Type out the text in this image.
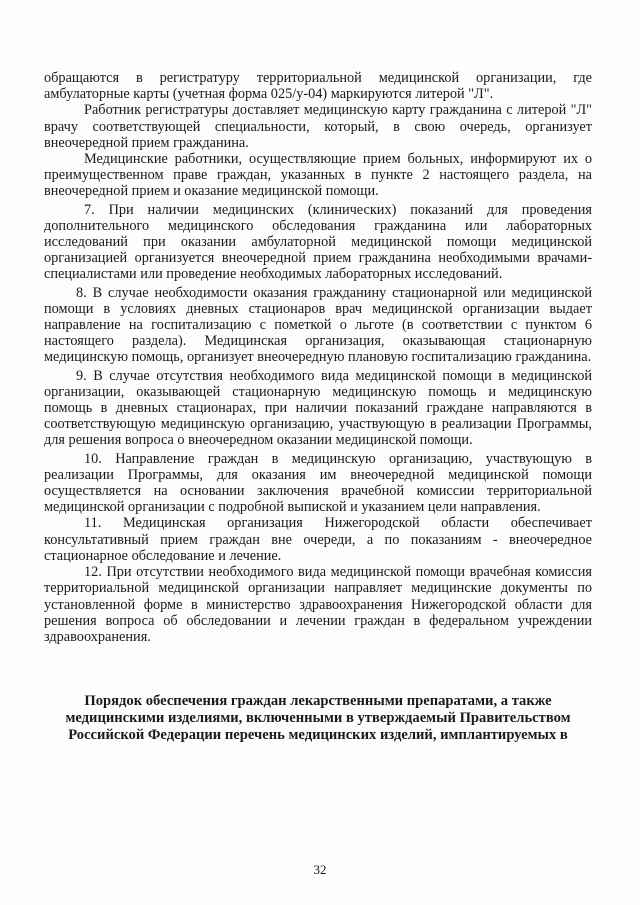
обращаются в регистратуру территориальной медицинской организации, где амбулаторные карты (учетная форма 025/у-04) маркируются литерой "Л".

Работник регистратуры доставляет медицинскую карту гражданина с литерой "Л" врачу соответствующей специальности, который, в свою очередь, организует внеочередной прием гражданина.

Медицинские работники, осуществляющие прием больных, информируют их о преимущественном праве граждан, указанных в пункте 2 настоящего раздела, на внеочередной прием и оказание медицинской помощи.

7. При наличии медицинских (клинических) показаний для проведения дополнительного медицинского обследования гражданина или лабораторных исследований при оказании амбулаторной медицинской помощи медицинской организацией организуется внеочередной прием гражданина необходимыми врачами-специалистами или проведение необходимых лабораторных исследований.

8. В случае необходимости оказания гражданину стационарной или медицинской помощи в условиях дневных стационаров врач медицинской организации выдает направление на госпитализацию с пометкой о льготе (в соответствии с пунктом 6 настоящего раздела). Медицинская организация, оказывающая стационарную медицинскую помощь, организует внеочередную плановую госпитализацию гражданина.

9. В случае отсутствия необходимого вида медицинской помощи в медицинской организации, оказывающей стационарную медицинскую помощь и медицинскую помощь в дневных стационарах, при наличии показаний граждане направляются в соответствующую медицинскую организацию, участвующую в реализации Программы, для решения вопроса о внеочередном оказании медицинской помощи.

10. Направление граждан в медицинскую организацию, участвующую в реализации Программы, для оказания им внеочередной медицинской помощи осуществляется на основании заключения врачебной комиссии территориальной медицинской организации с подробной выпиской и указанием цели направления.

11. Медицинская организация Нижегородской области обеспечивает консультативный прием граждан вне очереди, а по показаниям - внеочередное стационарное обследование и лечение.

12. При отсутствии необходимого вида медицинской помощи врачебная комиссия территориальной медицинской организации направляет медицинские документы по установленной форме в министерство здравоохранения Нижегородской области для решения вопроса об обследовании и лечении граждан в федеральном учреждении здравоохранения.

Порядок обеспечения граждан лекарственными препаратами, а также медицинскими изделиями, включенными в утверждаемый Правительством Российской Федерации перечень медицинских изделий, имплантируемых в

32
